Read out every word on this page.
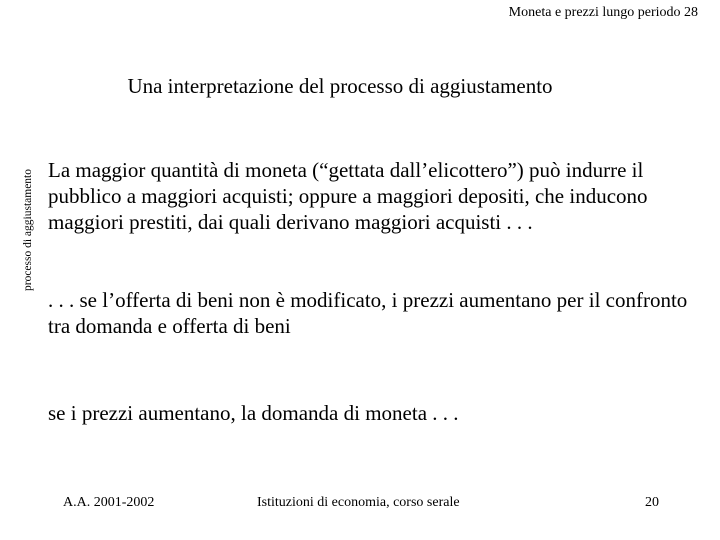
Moneta e prezzi lungo periodo 28
Una interpretazione del processo di aggiustamento
processo di aggiustamento La maggior quantità di moneta (“gettata dall’elicottero”) può indurre il pubblico a maggiori acquisti; oppure a maggiori depositi, che inducono maggiori prestiti, dai quali derivano maggiori acquisti . . .

. . . se l’offerta di beni non è modificato, i prezzi aumentano per il confronto tra domanda e offerta di beni

se i prezzi aumentano, la domanda di moneta . . .

A.A. 2001-2002	Istituzioni di economia, corso serale	20
